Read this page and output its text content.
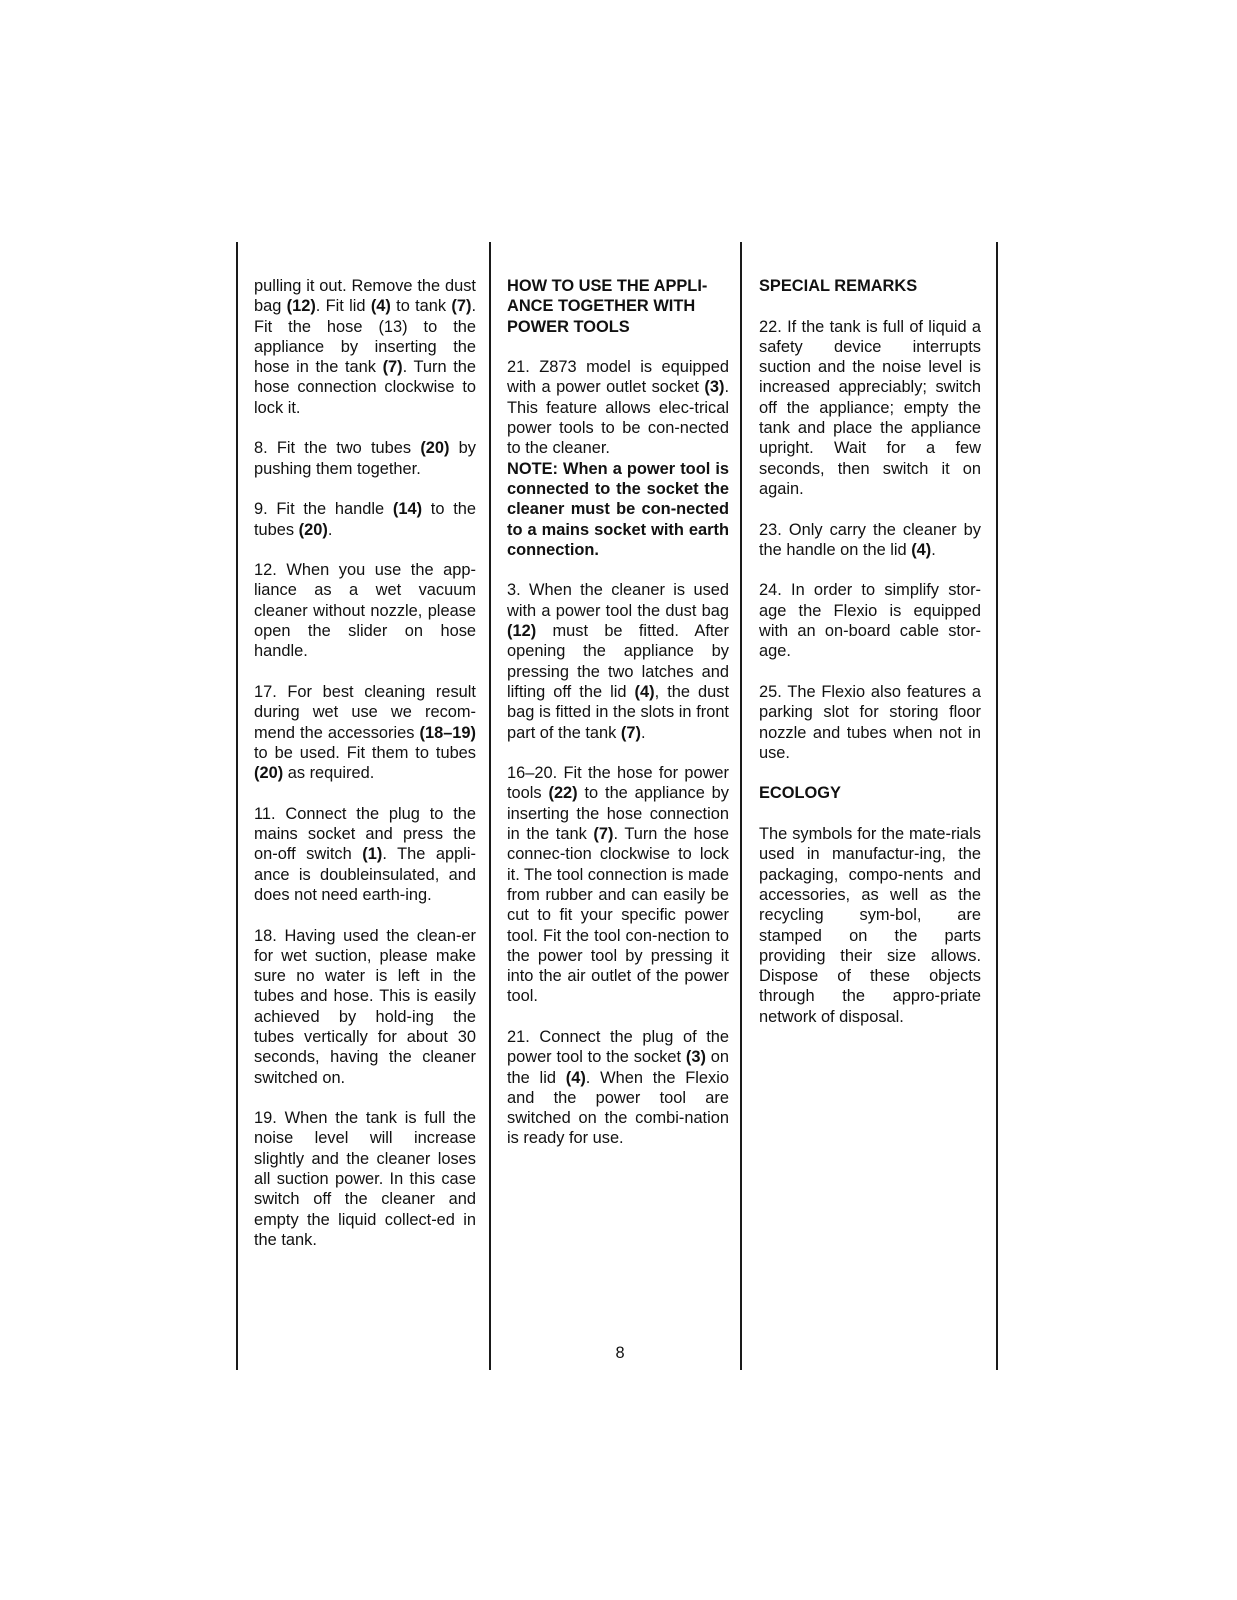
pulling it out. Remove the dust bag (12). Fit lid (4) to tank (7). Fit the hose (13) to the appliance by inserting the hose in the tank (7). Turn the hose connection clockwise to lock it.

8. Fit the two tubes (20) by pushing them together.

9. Fit the handle (14) to the tubes (20).

12. When you use the app-liance as a wet vacuum cleaner without nozzle, please open the slider on hose handle.

17. For best cleaning result during wet use we recom-mend the accessories (18–19) to be used. Fit them to tubes (20) as required.

11. Connect the plug to the mains socket and press the on-off switch (1). The appli-ance is doubleinsulated, and does not need earth-ing.

18. Having used the clean-er for wet suction, please make sure no water is left in the tubes and hose. This is easily achieved by hold-ing the tubes vertically for about 30 seconds, having the cleaner switched on.

19. When the tank is full the noise level will increase slightly and the cleaner loses all suction power. In this case switch off the cleaner and empty the liquid collect-ed in the tank.

HOW TO USE THE APPLI-ANCE TOGETHER WITH POWER TOOLS

21. Z873 model is equipped with a power outlet socket (3). This feature allows elec-trical power tools to be con-nected to the cleaner.

NOTE: When a power tool is connected to the socket the cleaner must be con-nected to a mains socket with earth connection.

3. When the cleaner is used with a power tool the dust bag (12) must be fitted. After opening the appliance by pressing the two latches and lifting off the lid (4), the dust bag is fitted in the slots in front part of the tank (7).

16–20. Fit the hose for power tools (22) to the appliance by inserting the hose connection in the tank (7). Turn the hose connec-tion clockwise to lock it. The tool connection is made from rubber and can easily be cut to fit your specific power tool. Fit the tool con-nection to the power tool by pressing it into the air outlet of the power tool.

21. Connect the plug of the power tool to the socket (3) on the lid (4). When the Flexio and the power tool are switched on the combi-nation is ready for use.

SPECIAL REMARKS

22. If the tank is full of liquid a safety device interrupts suction and the noise level is increased appreciably; switch off the appliance; empty the tank and place the appliance upright. Wait for a few seconds, then switch it on again.

23. Only carry the cleaner by the handle on the lid (4).

24. In order to simplify stor-age the Flexio is equipped with an on-board cable stor-age.

25. The Flexio also features a parking slot for storing floor nozzle and tubes when not in use.

ECOLOGY

The symbols for the mate-rials used in manufactur-ing, the packaging, compo-nents and accessories, as well as the recycling sym-bol, are stamped on the parts providing their size allows. Dispose of these objects through the appro-priate network of disposal.

8
